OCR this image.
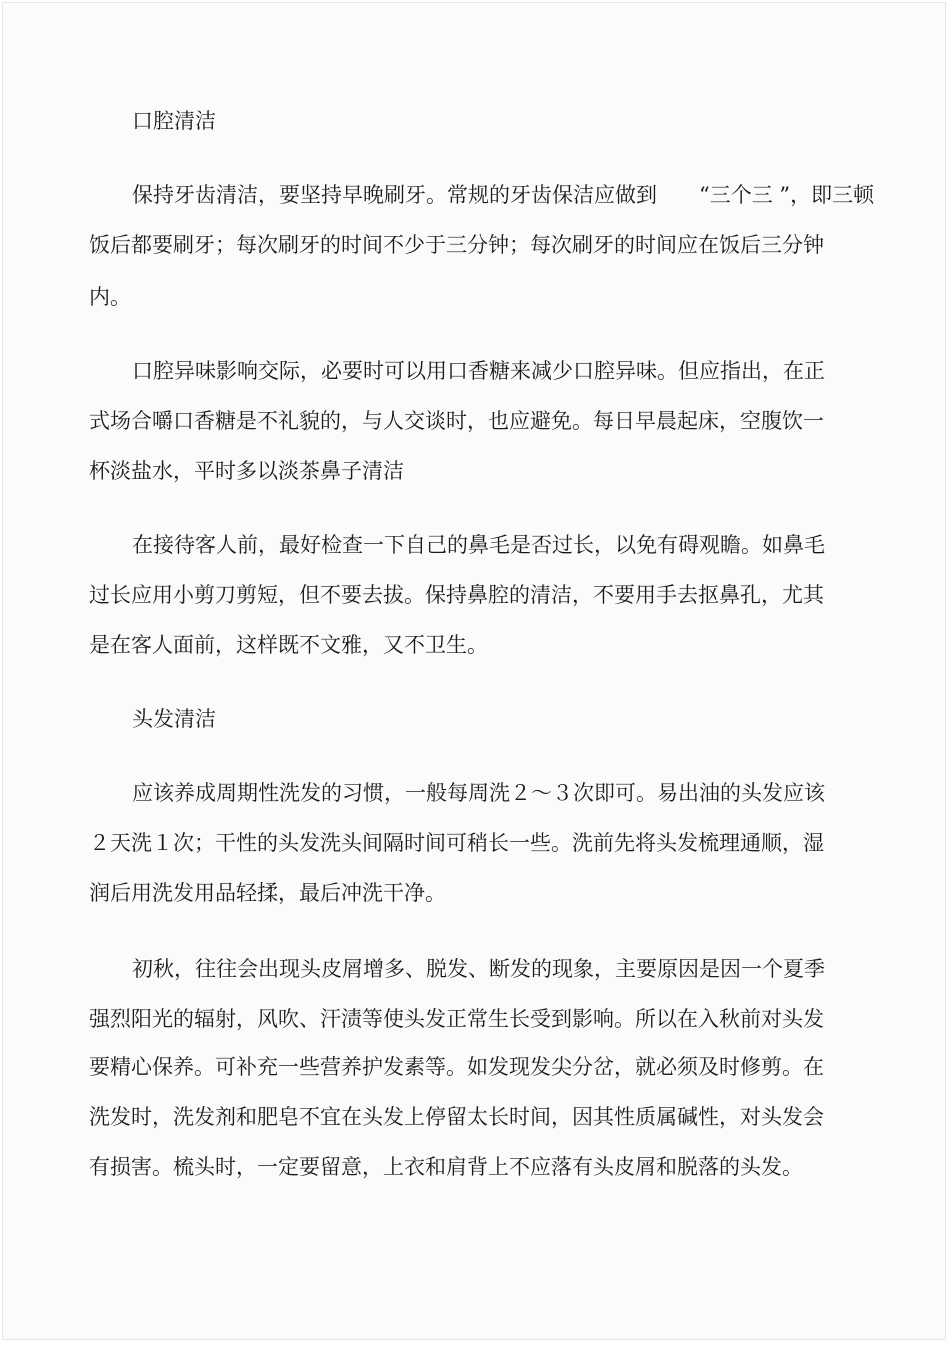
口腔清洁
保持牙齿清洁，要坚持早晚刷牙。常规的牙齿保洁应做到　　“三个三 ”，即三顿
饭后都要刷牙；每次刷牙的时间不少于三分钟；每次刷牙的时间应在饭后三分钟
内。
口腔异味影响交际，必要时可以用口香糖来减少口腔异味。但应指出，在正
式场合嚼口香糖是不礼貌的，与人交谈时，也应避免。每日早晨起床，空腹饮一
杯淡盐水，平时多以淡茶鼻子清洁
在接待客人前，最好检查一下自己的鼻毛是否过长，以免有碍观瞻。如鼻毛
过长应用小剪刀剪短，但不要去拔。保持鼻腔的清洁，不要用手去抠鼻孔，尤其
是在客人面前，这样既不文雅，又不卫生。
头发清洁
应该养成周期性洗发的习惯，一般每周洗２～３次即可。易出油的头发应该
２天洗１次；干性的头发洗头间隔时间可稍长一些。洗前先将头发梳理通顺，湿
润后用洗发用品轻揉，最后冲洗干净。
初秋，往往会出现头皮屑增多、脱发、断发的现象，主要原因是因一个夏季
强烈阳光的辐射，风吹、汗渍等使头发正常生长受到影响。所以在入秋前对头发
要精心保养。可补充一些营养护发素等。如发现发尖分岔，就必须及时修剪。在
洗发时，洗发剂和肥皂不宜在头发上停留太长时间，因其性质属碱性，对头发会
有损害。梳头时，一定要留意，上衣和肩背上不应落有头皮屑和脱落的头发。
